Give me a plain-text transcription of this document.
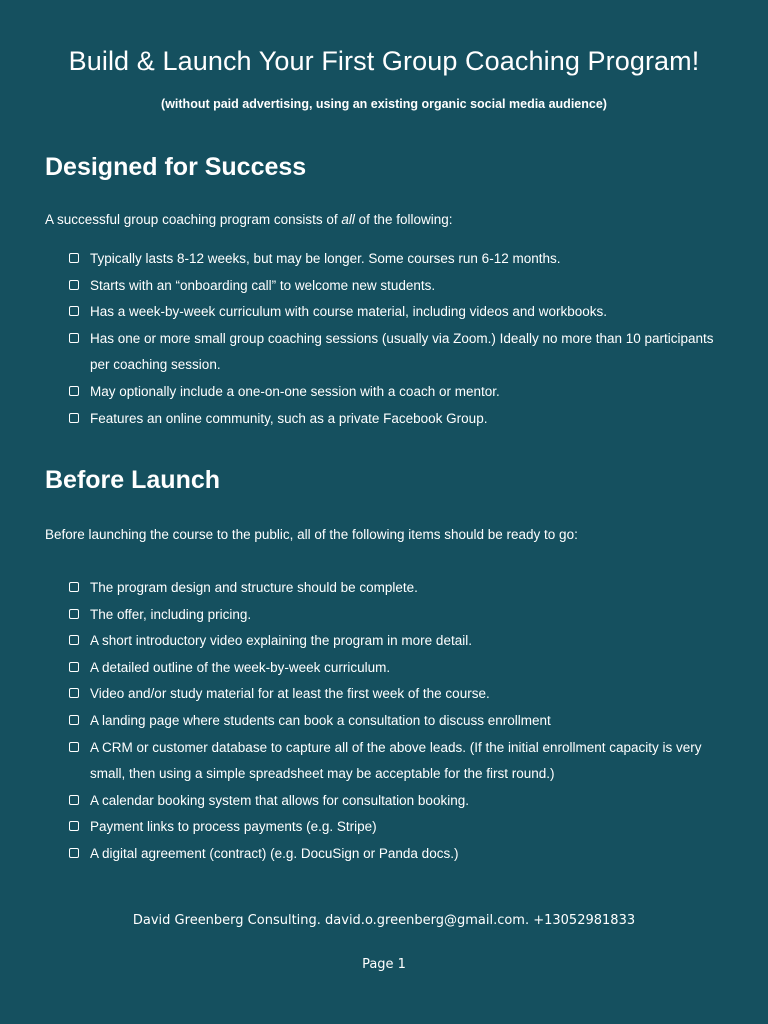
Build & Launch Your First Group Coaching Program!

(without paid advertising, using an existing organic social media audience)

Designed for Success

A successful group coaching program consists of all of the following:

Typically lasts 8-12 weeks, but may be longer. Some courses run 6-12 months.
Starts with an “onboarding call” to welcome new students.
Has a week-by-week curriculum with course material, including videos and workbooks.
Has one or more small group coaching sessions (usually via Zoom.) Ideally no more than 10 participants per coaching session.
May optionally include a one-on-one session with a coach or mentor.
Features an online community, such as a private Facebook Group.
Before Launch

Before launching the course to the public, all of the following items should be ready to go:

The program design and structure should be complete.
The offer, including pricing.
A short introductory video explaining the program in more detail.
A detailed outline of the week-by-week curriculum.
Video and/or study material for at least the first week of the course.
A landing page where students can book a consultation to discuss enrollment
A CRM or customer database to capture all of the above leads. (If the initial enrollment capacity is very small, then using a simple spreadsheet may be acceptable for the first round.)
A calendar booking system that allows for consultation booking.
Payment links to process payments (e.g. Stripe)
A digital agreement (contract) (e.g. DocuSign or Panda docs.)

David Greenberg Consulting. david.o.greenberg@gmail.com. +13052981833

Page 1
